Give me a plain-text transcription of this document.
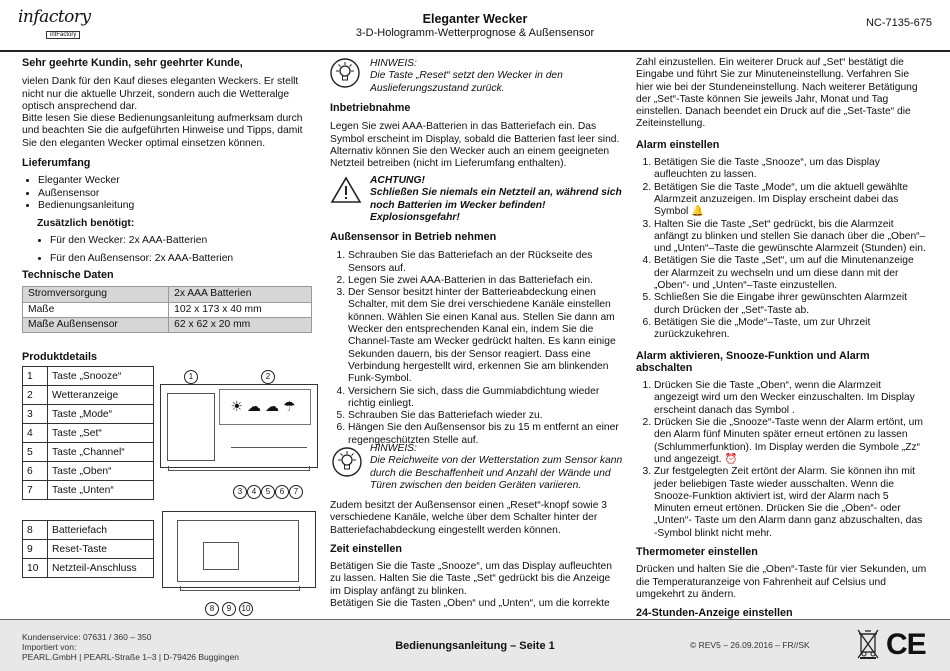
infactory
intFactory
Eleganter Wecker
3-D-Hologramm-Wetterprognose & Außensensor
NC-7135-675

Sehr geehrte Kundin, sehr geehrter Kunde,

vielen Dank für den Kauf dieses eleganten Weckers. Er stellt nicht nur die aktuelle Uhrzeit, sondern auch die Wetteralge optisch ansprechend dar.

Bitte lesen Sie diese Bedienungsanleitung aufmerksam durch und beachten Sie die aufgeführten Hinweise und Tipps, damit Sie den eleganten Wecker optimal einsetzen können.

Lieferumfang

• Eleganter Wecker
• Außensensor
• Bedienungsanleitung

Zusätzlich benötigt:

• Für den Wecker: 2x AAA-Batterien
• Für den Außensensor: 2x AAA-Batterien

Technische Daten

Stromversorgung	2x AAA Batterien
Maße	102 x 173 x 40 mm
Maße Außensensor	62 x 62 x 20 mm

Produktdetails

1	Taste „Snooze“
2	Wetteranzeige
3	Taste „Mode“
4	Taste „Set“
5	Taste „Channel“
6	Taste „Oben“
7	Taste „Unten“
8	Batteriefach
9	Reset-Taste
10	Netzteil-Anschluss
☀☁☁☂
1	2
3	4	5	6	7
8	9	10

HINWEIS:

Die Taste „Reset“ setzt den Wecker in den Auslieferungszustand zurück.

Inbetriebnahme

Legen Sie zwei AAA-Batterien in das Batteriefach ein. Das Symbol erscheint im Display, sobald die Batterien fast leer sind. Alternativ können Sie den Wecker auch an einem geeigneten Netzteil betreiben (nicht im Lieferumfang enthalten).

ACHTUNG!

Schließen Sie niemals ein Netzteil an, während sich noch Batterien im Wecker befinden! Explosionsgefahr!

Außensensor in Betrieb nehmen

1. Schrauben Sie das Batteriefach an der Rückseite des Sensors auf.
2. Legen Sie zwei AAA-Batterien in das Batteriefach ein.
3. Der Sensor besitzt hinter der Batterieabdeckung einen Schalter, mit dem Sie drei verschiedene Kanäle einstellen können. Wählen Sie einen Kanal aus. Stellen Sie dann am Wecker den entsprechenden Kanal ein, indem Sie die Channel-Taste am Wecker gedrückt halten. Es kann einige Sekunden dauern, bis der Sensor reagiert. Dass eine Verbindung hergestellt wird, erkennen Sie am blinkenden Funk-Symbol.
4. Versichern Sie sich, dass die Gummiabdichtung wieder richtig einliegt.
5. Schrauben Sie das Batteriefach wieder zu.
6. Hängen Sie den Außensensor bis zu 15 m entfernt an einer regengeschützten Stelle auf.

HINWEIS:

Die Reichweite von der Wetterstation zum Sensor kann durch die Beschaffenheit und Anzahl der Wände und Türen zwischen den beiden Geräten variieren.

Zudem besitzt der Außensensor einen „Reset“-knopf sowie 3 verschiedene Kanäle, welche über dem Schalter hinter der Batteriefachabdeckung eingestellt werden können.

Zeit einstellen

Betätigen Sie die Taste „Snooze“, um das Display aufleuchten zu lassen. Halten Sie die Taste „Set“ gedrückt bis die Anzeige im Display anfängt zu blinken.

Betätigen Sie die Tasten „Oben“ und „Unten“, um die korrekte

Zahl einzustellen. Ein weiterer Druck auf „Set“ bestätigt die Eingabe und führt Sie zur Minuteneinstellung. Verfahren Sie hier wie bei der Stundeneinstellung. Nach weiterer Betätigung der „Set“-Taste können Sie jeweils Jahr, Monat und Tag einstellen. Danach beendet ein Druck auf die „Set-Taste“ die Zeiteinstellung.

Alarm einstellen

1. Betätigen Sie die Taste „Snooze“, um das Display aufleuchten zu lassen.
2. Betätigen Sie die Taste „Mode“, um die aktuell gewählte Alarmzeit anzuzeigen. Im Display erscheint dabei das Symbol 🔔
3. Halten Sie die Taste „Set“ gedrückt, bis die Alarmzeit anfängt zu blinken und stellen Sie danach über die „Oben“– und „Unten“–Taste die gewünschte Alarmzeit (Stunden) ein.
4. Betätigen Sie die Taste „Set“, um auf die Minutenanzeige der Alarmzeit zu wechseln und um diese dann mit der „Oben“- und „Unten“–Taste einzustellen.
5. Schließen Sie die Eingabe ihrer gewünschten Alarmzeit durch Drücken der „Set“-Taste ab.
6. Betätigen Sie die „Mode“–Taste, um zur Uhrzeit zurückzukehren.

Alarm aktivieren, Snooze-Funktion und Alarm abschalten

1. Drücken Sie die Taste „Oben“, wenn die Alarmzeit angezeigt wird um den Wecker einzuschalten. Im Display erscheint danach das Symbol .
2. Drücken Sie die „Snooze“-Taste wenn der Alarm ertönt, um den Alarm fünf Minuten später erneut ertönen zu lassen (Schlummerfunktion). Im Display werden die Symbole „Zz“ und angezeigt. ⏰
3. Zur festgelegten Zeit ertönt der Alarm. Sie können ihn mit jeder beliebigen Taste wieder ausschalten. Wenn die Snooze-Funktion aktiviert ist, wird der Alarm nach 5 Minuten erneut ertönen. Drücken Sie die „Oben“- oder „Unten“- Taste um den Alarm dann ganz abzuschalten, das -Symbol blinkt nicht mehr.

Thermometer einstellen

Drücken und halten Sie die „Oben“-Taste für vier Sekunden, um die Temperaturanzeige von Fahrenheit auf Celsius und umgekehrt zu ändern.

24-Stunden-Anzeige einstellen

Kundenservice: 07631 / 360 – 350
Importiert von:
PEARL.GmbH | PEARL-Straße 1–3 | D-79426 Buggingen
Bedienungsanleitung – Seite 1	© REV5 – 26.09.2016 – FR//SK	CE
